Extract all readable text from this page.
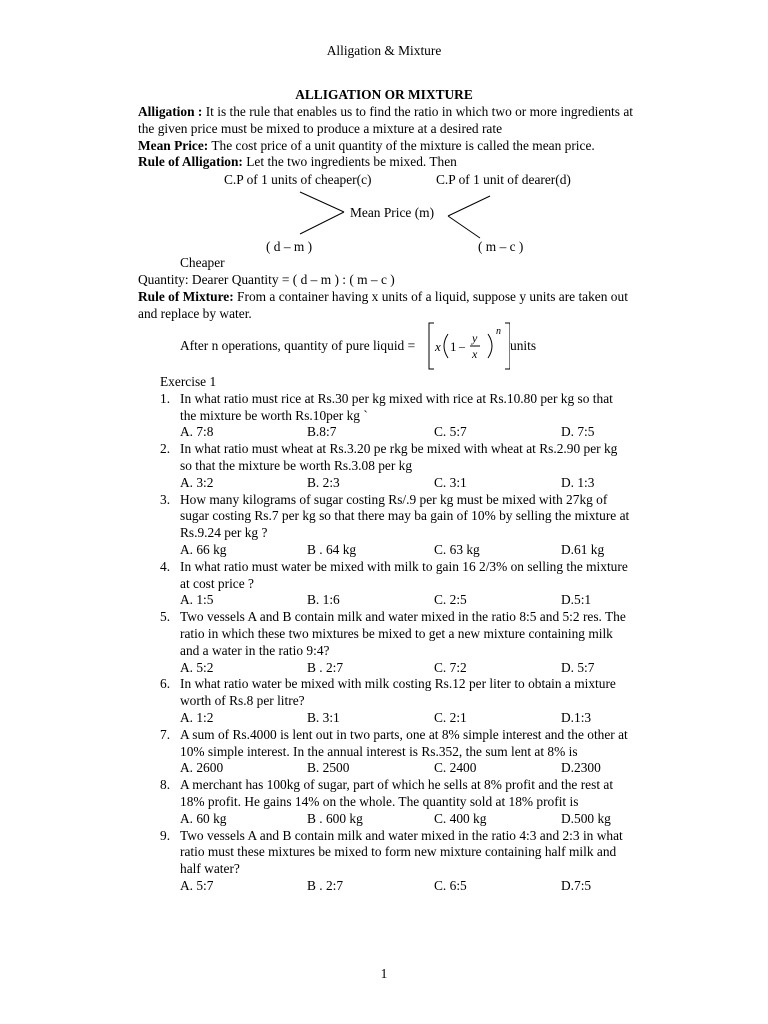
Alligation & Mixture
ALLIGATION OR MIXTURE

Alligation : It is the rule that enables us to find the ratio in which two or more ingredients at the given price must be mixed to produce a mixture at a desired rate

Mean Price: The cost price of a unit quantity of the mixture is called the mean price.

Rule of Alligation: Let the two ingredients be mixed. Then

C.P of 1 units of cheaper(c)	C.P of 1 unit of dearer(d)
Mean Price (m)
( d – m )	( m – c )
Cheaper

Quantity: Dearer Quantity = ( d – m ) : ( m – c )

Rule of Mixture: From a container having x units of a liquid, suppose y units are taken out and replace by water.

After n operations, quantity of pure liquid = x 1 –
y
x
n
units

Exercise 1

1. In what ratio must rice at Rs.30 per kg mixed with rice at Rs.10.80 per kg so that the mixture be worth Rs.10per kg `
A. 7:8	B.8:7	C. 5:7	D. 7:5
2. In what ratio must wheat at Rs.3.20 pe rkg be mixed with wheat at Rs.2.90 per kg so that the mixture be worth Rs.3.08 per kg
A. 3:2	B. 2:3	C. 3:1	D. 1:3
3. How many kilograms of sugar costing Rs/.9 per kg must be mixed with 27kg of sugar costing Rs.7 per kg so that there may ba gain of 10% by selling the mixture at Rs.9.24 per kg ?
A. 66 kg	B . 64 kg	C. 63 kg	D.61 kg
4. In what ratio must water be mixed with milk to gain 16 2/3% on selling the mixture at cost price ?
A. 1:5	B. 1:6	C. 2:5	D.5:1
5. Two vessels A and B contain milk and water mixed in the ratio 8:5 and 5:2 res. The ratio in which these two mixtures be mixed to get a new mixture containing milk and a water in the ratio 9:4?
A. 5:2	B . 2:7	C. 7:2	D. 5:7
6. In what ratio water be mixed with milk costing Rs.12 per liter to obtain a mixture worth of Rs.8 per litre?
A. 1:2	B. 3:1	C. 2:1	D.1:3
7. A sum of Rs.4000 is lent out in two parts, one at 8% simple interest and the other at 10% simple interest. In the annual interest is Rs.352, the sum lent at 8% is
A. 2600	B. 2500	C. 2400	D.2300
8. A merchant has 100kg of sugar, part of which he sells at 8% profit and the rest at 18% profit. He gains 14% on the whole. The quantity sold at 18% profit is
A. 60 kg	B . 600 kg	C. 400 kg	D.500 kg
9. Two vessels A and B contain milk and water mixed in the ratio 4:3 and 2:3 in what ratio must these mixtures be mixed to form new mixture containing half milk and half water?
A. 5:7	B . 2:7	C. 6:5	D.7:5
1
